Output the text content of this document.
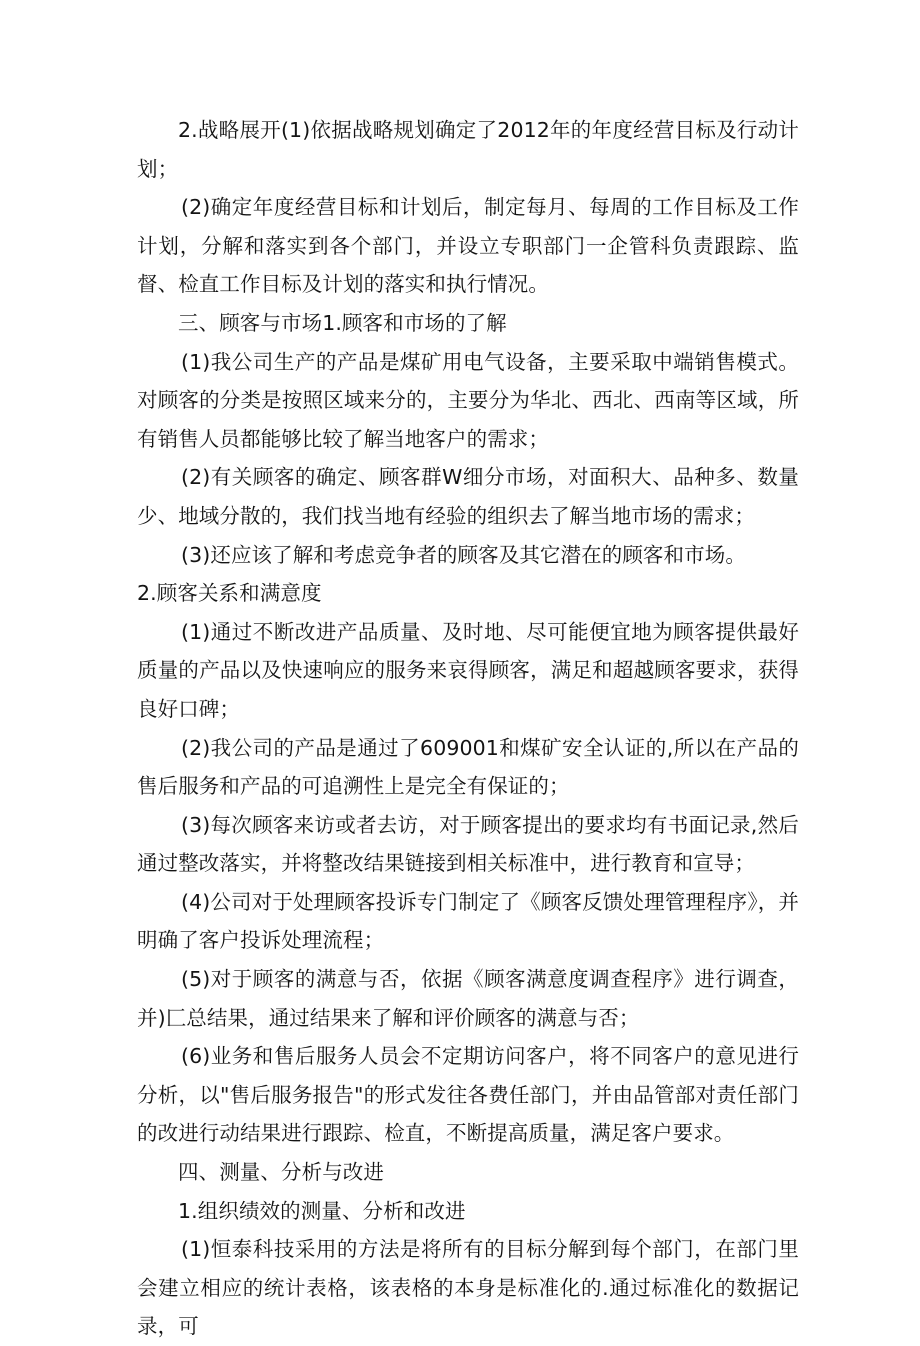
2.战略展开(1)依据战略规划确定了2012年的年度经营目标及行动计划；

(2)确定年度经营目标和计划后，制定每月、每周的工作目标及工作计划，分解和落实到各个部门，并设立专职部门一企管科负责跟踪、监督、检直工作目标及计划的落实和执行情况。

三、顾客与市场1.顾客和市场的了解

(1)我公司生产的产品是煤矿用电气设备，主要采取中端销售模式。对顾客的分类是按照区域来分的，主要分为华北、西北、西南等区域，所有销售人员都能够比较了解当地客户的需求；

(2)有关顾客的确定、顾客群W细分市场，对面积大、品种多、数量少、地域分散的，我们找当地有经验的组织去了解当地市场的需求；

(3)还应该了解和考虑竞争者的顾客及其它潜在的顾客和市场。

2.顾客关系和满意度

(1)通过不断改进产品质量、及时地、尽可能便宜地为顾客提供最好质量的产品以及快速响应的服务来哀得顾客，满足和超越顾客要求，获得良好口碑；

(2)我公司的产品是通过了609001和煤矿安全认证的,所以在产品的售后服务和产品的可追溯性上是完全有保证的；

(3)每次顾客来访或者去访，对于顾客提出的要求均有书面记录,然后通过整改落实，并将整改结果链接到相关标准中，进行教育和宣导；

(4)公司对于处理顾客投诉专门制定了《顾客反馈处理管理程序》，并明确了客户投诉处理流程；

(5)对于顾客的满意与否，依据《顾客满意度调查程序》进行调查，并)匚总结果，通过结果来了解和评价顾客的满意与否；

(6)业务和售后服务人员会不定期访问客户，将不同客户的意见进行分析，以"售后服务报告"的形式发往各费任部门，并由品管部对责任部门的改进行动结果进行跟踪、检直，不断提高质量，满足客户要求。

四、测量、分析与改进

1.组织绩效的测量、分析和改进

(1)恒泰科技采用的方法是将所有的目标分解到每个部门，在部门里会建立相应的统计表格，该表格的本身是标准化的.通过标准化的数据记录，可
